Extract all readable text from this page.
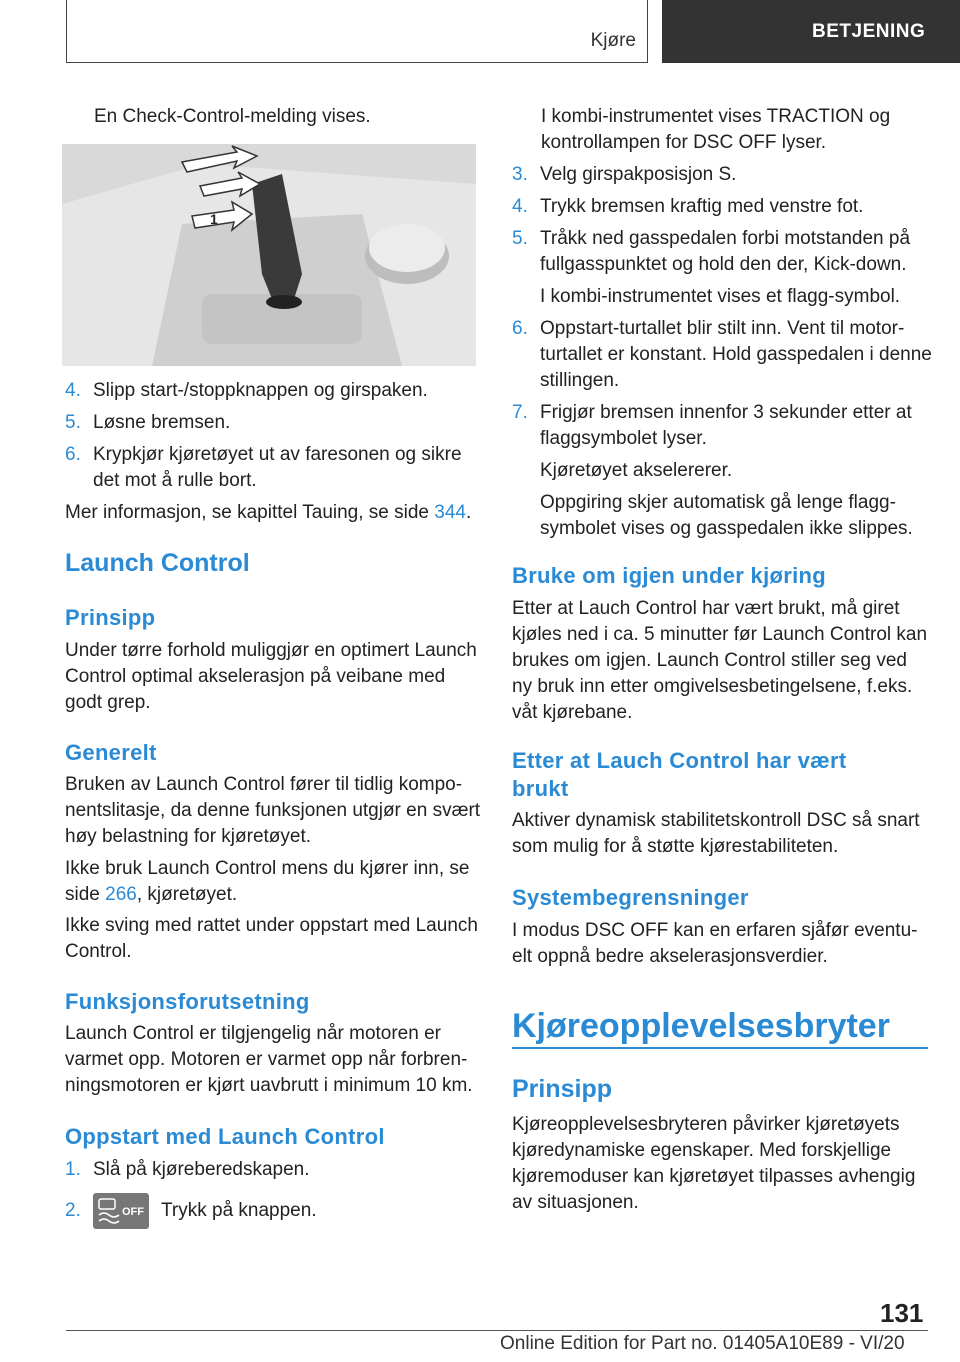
Kjøre	BETJENING

En Check-Control-melding vises.

1
4. Slipp start-/stoppknappen og girspaken.
5. Løsne bremsen.
6. Krypkjør kjøretøyet ut av faresonen og sikre det mot å rulle bort.

Mer informasjon, se kapittel Tauing, se side 344.

Launch Control
Prinsipp

Under tørre forhold muliggjør en optimert Launch Control optimal akselerasjon på veibane med godt grep.

Generelt

Bruken av Launch Control fører til tidlig kompo-nentslitasje, da denne funksjonen utgjør en svært høy belastning for kjøretøyet.

Ikke bruk Launch Control mens du kjører inn, se side 266, kjøretøyet.

Ikke sving med rattet under oppstart med Launch Control.

Funksjonsforutsetning

Launch Control er tilgjengelig når motoren er varmet opp. Motoren er varmet opp når forbren-ningsmotoren er kjørt uavbrutt i minimum 10 km.

Oppstart med Launch Control
1. Slå på kjøreberedskapen.
2.	OFF Trykk på knappen.

I kombi-instrumentet vises TRACTION og kontrollampen for DSC OFF lyser.

3. Velg girspakposisjon S.
4. Trykk bremsen kraftig med venstre fot.
5. Tråkk ned gasspedalen forbi motstanden på fullgasspunktet og hold den der, Kick-down.

I kombi-instrumentet vises et flagg-symbol.

6. Oppstart-turtallet blir stilt inn. Vent til motor-turtallet er konstant. Hold gasspedalen i denne stillingen.
7. Frigjør bremsen innenfor 3 sekunder etter at flaggsymbolet lyser.

Kjøretøyet akselererer.

Oppgiring skjer automatisk gå lenge flagg-symbolet vises og gasspedalen ikke slippes.

Bruke om igjen under kjøring

Etter at Lauch Control har vært brukt, må giret kjøles ned i ca. 5 minutter før Launch Control kan brukes om igjen. Launch Control stiller seg ved ny bruk inn etter omgivelsesbetingelsene, f.eks. våt kjørebane.

Etter at Lauch Control har vært brukt

Aktiver dynamisk stabilitetskontroll DSC så snart som mulig for å støtte kjørestabiliteten.

Systembegrensninger

I modus DSC OFF kan en erfaren sjåfør eventu-elt oppnå bedre akselerasjonsverdier.

Kjøreopplevelsesbryter
Prinsipp

Kjøreopplevelsesbryteren påvirker kjøretøyets kjøredynamiske egenskaper. Med forskjellige kjøremoduser kan kjøretøyet tilpasses avhengig av situasjonen.

131
Online Edition for Part no. 01405A10E89 - VI/20
